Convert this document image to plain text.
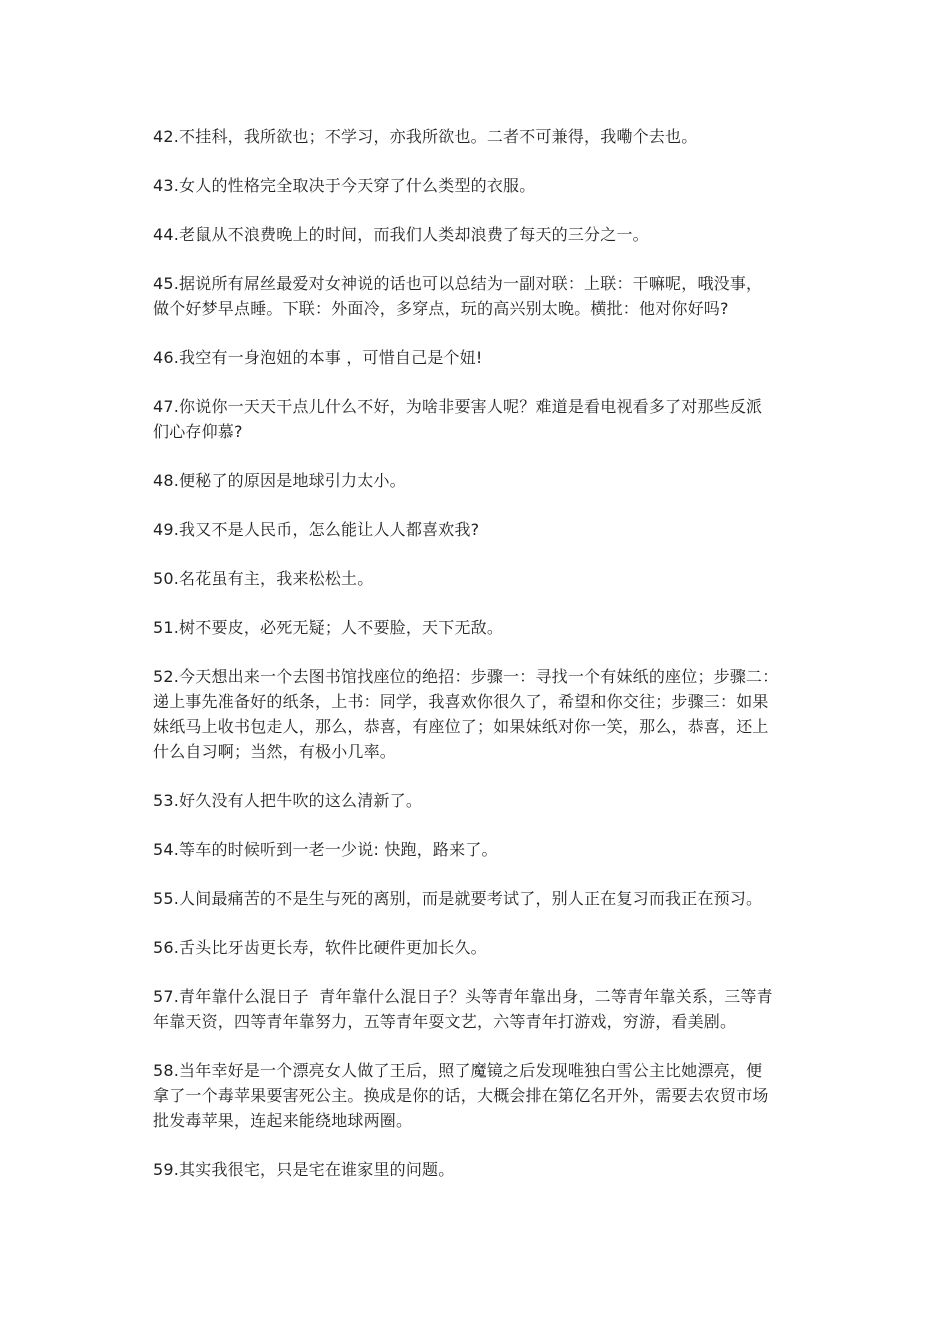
42.不挂科，我所欲也；不学习，亦我所欲也。二者不可兼得，我嘞个去也。

43.女人的性格完全取决于今天穿了什么类型的衣服。

44.老鼠从不浪费晚上的时间，而我们人类却浪费了每天的三分之一。

45.据说所有屌丝最爱对女神说的话也可以总结为一副对联：上联：干嘛呢，哦没事，
做个好梦早点睡。下联：外面冷，多穿点，玩的高兴别太晚。横批：他对你好吗?

46.我空有一身泡妞的本事 ，可惜自己是个妞!

47.你说你一天天干点儿什么不好，为啥非要害人呢？难道是看电视看多了对那些反派
们心存仰慕?

48.便秘了的原因是地球引力太小。

49.我又不是人民币，怎么能让人人都喜欢我?

50.名花虽有主，我来松松土。

51.树不要皮，必死无疑；人不要脸，天下无敌。

52.今天想出来一个去图书馆找座位的绝招：步骤一：寻找一个有妹纸的座位；步骤二：
递上事先准备好的纸条，上书：同学，我喜欢你很久了，希望和你交往；步骤三：如果
妹纸马上收书包走人，那么，恭喜，有座位了；如果妹纸对你一笑，那么，恭喜，还上
什么自习啊；当然，有极小几率。

53.好久没有人把牛吹的这么清新了。

54.等车的时候听到一老一少说: 快跑，路来了。

55.人间最痛苦的不是生与死的离别，而是就要考试了，别人正在复习而我正在预习。

56.舌头比牙齿更长寿，软件比硬件更加长久。

57.青年靠什么混日子  青年靠什么混日子？头等青年靠出身，二等青年靠关系，三等青
年靠天资，四等青年靠努力，五等青年耍文艺，六等青年打游戏，穷游，看美剧。

58.当年幸好是一个漂亮女人做了王后，照了魔镜之后发现唯独白雪公主比她漂亮，便
拿了一个毒苹果要害死公主。换成是你的话，大概会排在第亿名开外，需要去农贸市场
批发毒苹果，连起来能绕地球两圈。

59.其实我很宅，只是宅在谁家里的问题。
